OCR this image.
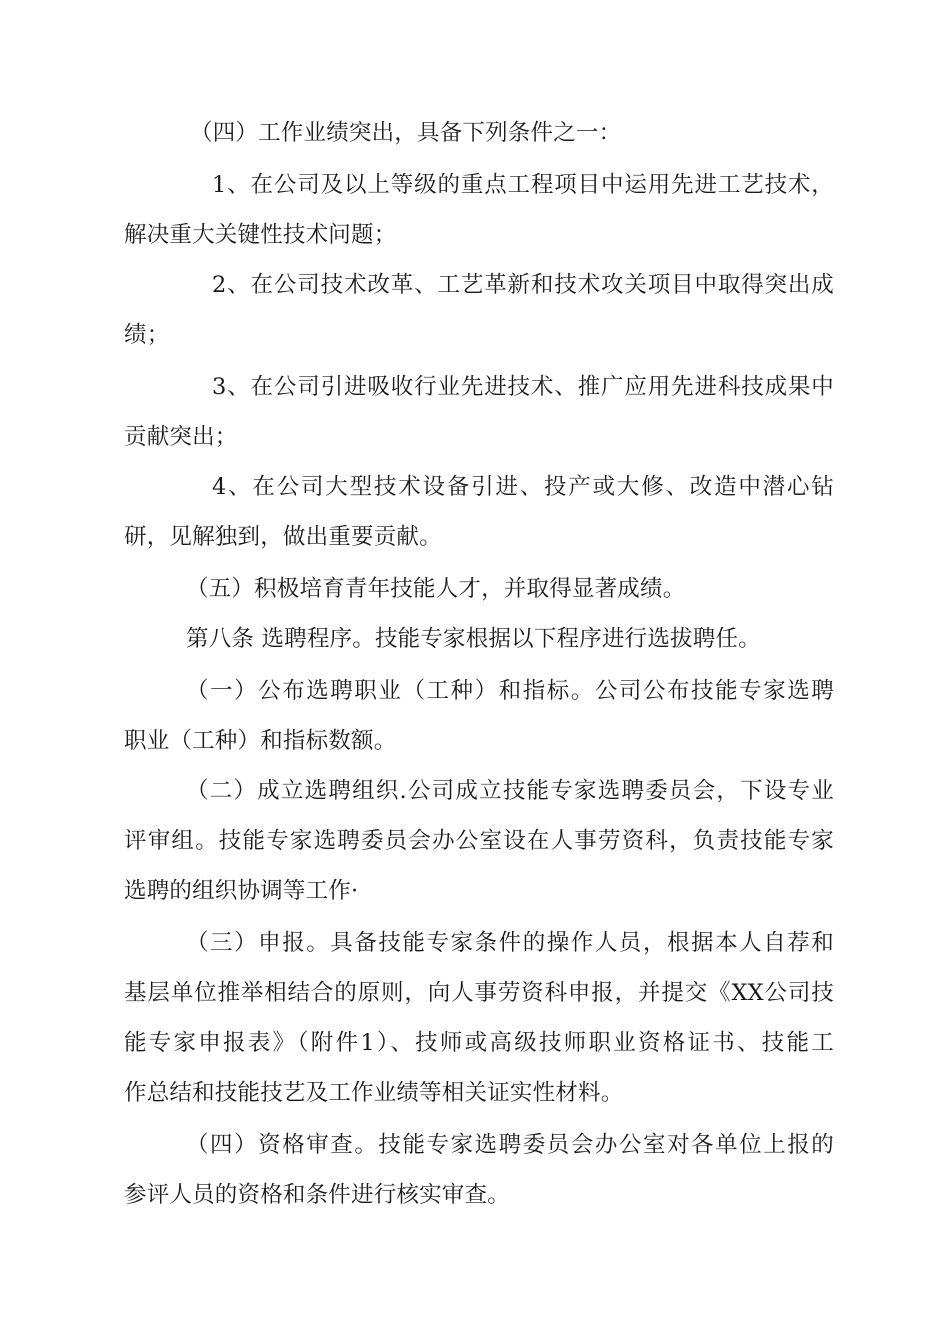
（四）工作业绩突出，具备下列条件之一：
1、在公司及以上等级的重点工程项目中运用先进工艺技术，
解决重大关键性技术问题；
2、在公司技术改革、工艺革新和技术攻关项目中取得突出成
绩；
3、在公司引进吸收行业先进技术、推广应用先进科技成果中
贡献突出；
4、在公司大型技术设备引进、投产或大修、改造中潜心钻
研，见解独到，做出重要贡献。
（五）积极培育青年技能人才，并取得显著成绩。
第八条 选聘程序。技能专家根据以下程序进行选拔聘任。
（一）公布选聘职业（工种）和指标。公司公布技能专家选聘
职业（工种）和指标数额。
（二）成立选聘组织.公司成立技能专家选聘委员会，下设专业
评审组。技能专家选聘委员会办公室设在人事劳资科，负责技能专家
选聘的组织协调等工作·
（三）申报。具备技能专家条件的操作人员，根据本人自荐和
基层单位推举相结合的原则，向人事劳资科申报，并提交《XX公司技
能专家申报表》（附件1）、技师或高级技师职业资格证书、技能工
作总结和技能技艺及工作业绩等相关证实性材料。
（四）资格审查。技能专家选聘委员会办公室对各单位上报的
参评人员的资格和条件进行核实审查。
